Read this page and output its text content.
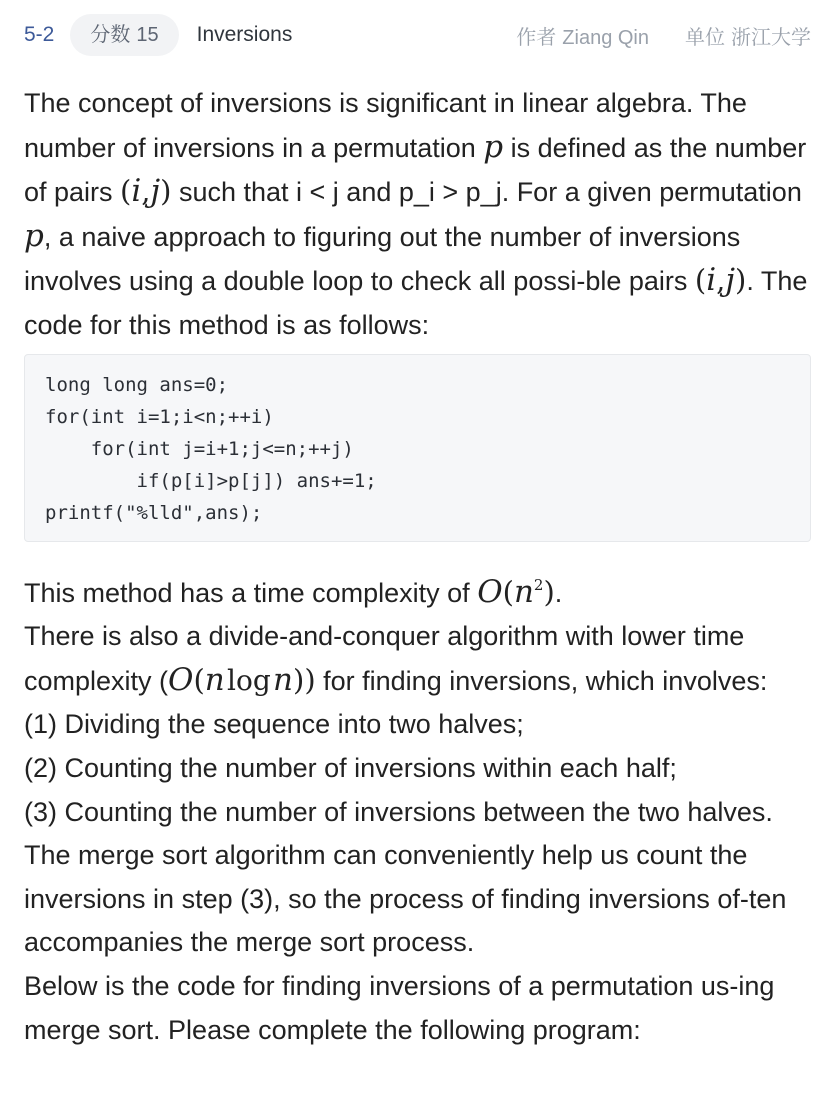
5-2	分数 15	Inversions	作者 Ziang Qin 单位 浙江大学

The concept of inversions is significant in linear algebra. The number of inversions in a permutation p is defined as the number of pairs (i,j) such that i < j and p_i > p_j. For a given permutation p, a naive approach to figuring out the number of inversions involves using a double loop to check all possi-ble pairs (i,j). The code for this method is as follows:

long long ans=0;
for(int i=1;i<n;++i)
for(int j=i+1;j<=n;++j)
if(p[i]>p[j]) ans+=1;
printf("%lld",ans);

This method has a time complexity of $O(n^2)$.

There is also a divide-and-conquer algorithm with lower time complexity (O(n log n)) for finding inversions, which involves:

(1) Dividing the sequence into two halves;

(2) Counting the number of inversions within each half;

(3) Counting the number of inversions between the two halves.

The merge sort algorithm can conveniently help us count the inversions in step (3), so the process of finding inversions of-ten accompanies the merge sort process.

Below is the code for finding inversions of a permutation us-ing merge sort. Please complete the following program:
